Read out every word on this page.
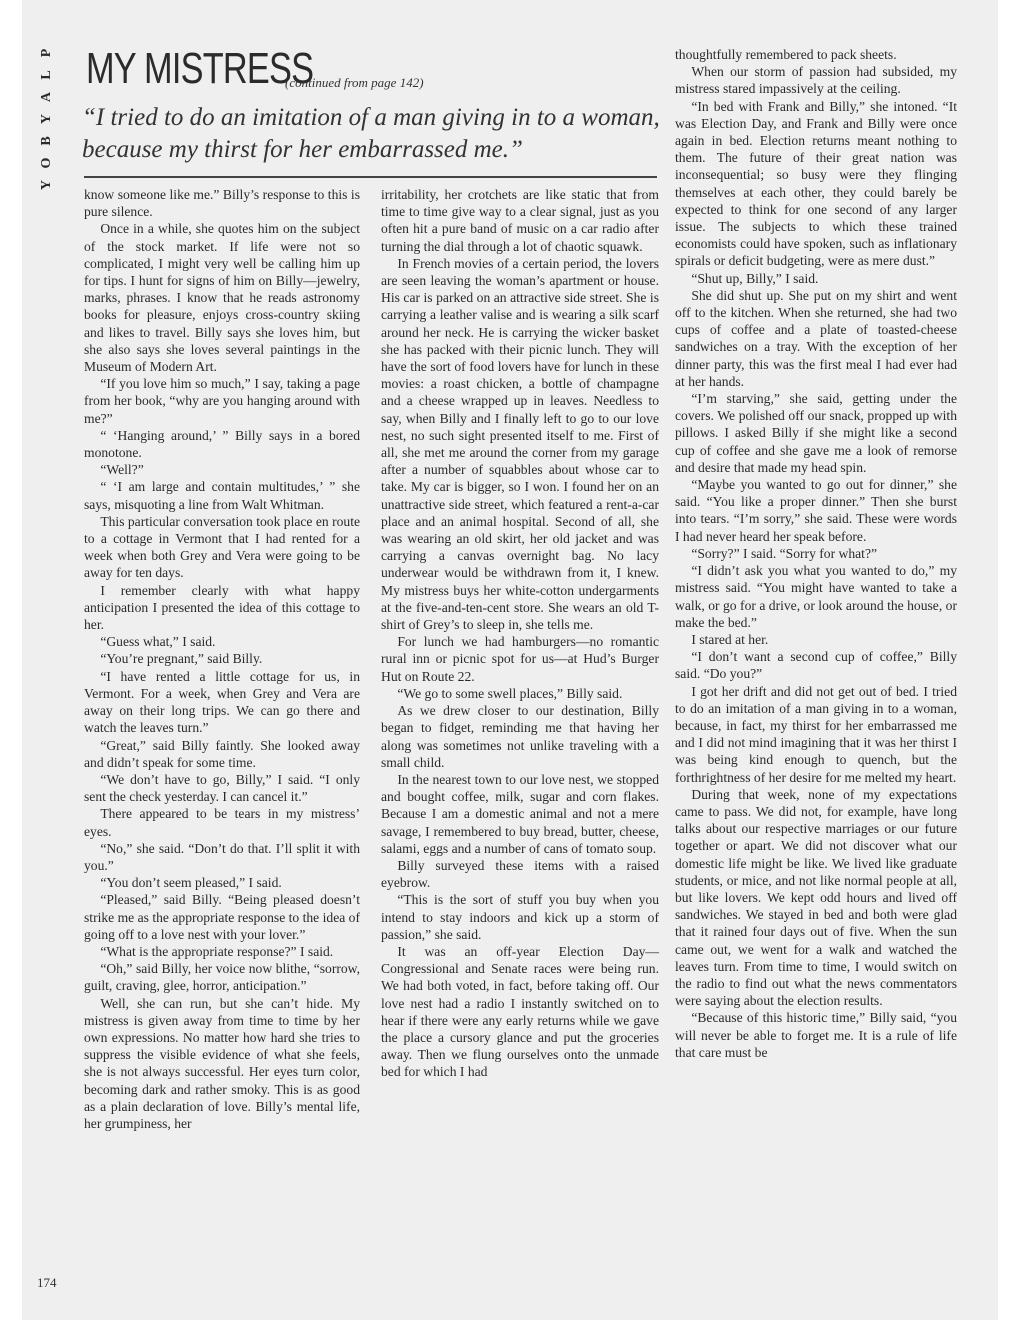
P
L
A
Y
B
O
Y
MY MISTRESS
(continued from page 142)
“I tried to do an imitation of a man giving in to a woman, because my thirst for her embarrassed me.”

know someone like me.” Billy’s response to this is pure silence.

Once in a while, she quotes him on the subject of the stock market. If life were not so complicated, I might very well be calling him up for tips. I hunt for signs of him on Billy—jewelry, marks, phrases. I know that he reads astronomy books for pleasure, enjoys cross-country skiing and likes to travel. Billy says she loves him, but she also says she loves several paintings in the Museum of Modern Art.

“If you love him so much,” I say, taking a page from her book, “why are you hanging around with me?”

“ ‘Hanging around,’ ” Billy says in a bored monotone.

“Well?”

“ ‘I am large and contain multitudes,’ ” she says, misquoting a line from Walt Whitman.

This particular conversation took place en route to a cottage in Vermont that I had rented for a week when both Grey and Vera were going to be away for ten days.

I remember clearly with what happy anticipation I presented the idea of this cottage to her.

“Guess what,” I said.

“You’re pregnant,” said Billy.

“I have rented a little cottage for us, in Vermont. For a week, when Grey and Vera are away on their long trips. We can go there and watch the leaves turn.”

“Great,” said Billy faintly. She looked away and didn’t speak for some time.

“We don’t have to go, Billy,” I said. “I only sent the check yesterday. I can cancel it.”

There appeared to be tears in my mistress’ eyes.

“No,” she said. “Don’t do that. I’ll split it with you.”

“You don’t seem pleased,” I said.

“Pleased,” said Billy. “Being pleased doesn’t strike me as the appropriate response to the idea of going off to a love nest with your lover.”

“What is the appropriate response?” I said.

“Oh,” said Billy, her voice now blithe, “sorrow, guilt, craving, glee, horror, anticipation.”

Well, she can run, but she can’t hide. My mistress is given away from time to time by her own expressions. No matter how hard she tries to suppress the visible evidence of what she feels, she is not always successful. Her eyes turn color, becoming dark and rather smoky. This is as good as a plain declaration of love. Billy’s mental life, her grumpiness, her

irritability, her crotchets are like static that from time to time give way to a clear signal, just as you often hit a pure band of music on a car radio after turning the dial through a lot of chaotic squawk.

In French movies of a certain period, the lovers are seen leaving the woman’s apartment or house. His car is parked on an attractive side street. She is carrying a leather valise and is wearing a silk scarf around her neck. He is carrying the wicker basket she has packed with their picnic lunch. They will have the sort of food lovers have for lunch in these movies: a roast chicken, a bottle of champagne and a cheese wrapped up in leaves. Needless to say, when Billy and I finally left to go to our love nest, no such sight presented itself to me. First of all, she met me around the corner from my garage after a number of squabbles about whose car to take. My car is bigger, so I won. I found her on an unattractive side street, which featured a rent-a-car place and an animal hospital. Second of all, she was wearing an old skirt, her old jacket and was carrying a canvas overnight bag. No lacy underwear would be withdrawn from it, I knew. My mistress buys her white-cotton undergarments at the five-and-ten-cent store. She wears an old T-shirt of Grey’s to sleep in, she tells me.

For lunch we had hamburgers—no romantic rural inn or picnic spot for us—at Hud’s Burger Hut on Route 22.

“We go to some swell places,” Billy said.

As we drew closer to our destination, Billy began to fidget, reminding me that having her along was sometimes not unlike traveling with a small child.

In the nearest town to our love nest, we stopped and bought coffee, milk, sugar and corn flakes. Because I am a domestic animal and not a mere savage, I remembered to buy bread, butter, cheese, salami, eggs and a number of cans of tomato soup.

Billy surveyed these items with a raised eyebrow.

“This is the sort of stuff you buy when you intend to stay indoors and kick up a storm of passion,” she said.

It was an off-year Election Day—Congressional and Senate races were being run. We had both voted, in fact, before taking off. Our love nest had a radio I instantly switched on to hear if there were any early returns while we gave the place a cursory glance and put the groceries away. Then we flung ourselves onto the unmade bed for which I had

thoughtfully remembered to pack sheets.

When our storm of passion had subsided, my mistress stared impassively at the ceiling.

“In bed with Frank and Billy,” she intoned. “It was Election Day, and Frank and Billy were once again in bed. Election returns meant nothing to them. The future of their great nation was inconsequential; so busy were they flinging themselves at each other, they could barely be expected to think for one second of any larger issue. The subjects to which these trained economists could have spoken, such as inflationary spirals or deficit budgeting, were as mere dust.”

“Shut up, Billy,” I said.

She did shut up. She put on my shirt and went off to the kitchen. When she returned, she had two cups of coffee and a plate of toasted-cheese sandwiches on a tray. With the exception of her dinner party, this was the first meal I had ever had at her hands.

“I’m starving,” she said, getting under the covers. We polished off our snack, propped up with pillows. I asked Billy if she might like a second cup of coffee and she gave me a look of remorse and desire that made my head spin.

“Maybe you wanted to go out for dinner,” she said. “You like a proper dinner.” Then she burst into tears. “I’m sorry,” she said. These were words I had never heard her speak before.

“Sorry?” I said. “Sorry for what?”

“I didn’t ask you what you wanted to do,” my mistress said. “You might have wanted to take a walk, or go for a drive, or look around the house, or make the bed.”

I stared at her.

“I don’t want a second cup of coffee,” Billy said. “Do you?”

I got her drift and did not get out of bed. I tried to do an imitation of a man giving in to a woman, because, in fact, my thirst for her embarrassed me and I did not mind imagining that it was her thirst I was being kind enough to quench, but the forthrightness of her desire for me melted my heart.

During that week, none of my expectations came to pass. We did not, for example, have long talks about our respective marriages or our future together or apart. We did not discover what our domestic life might be like. We lived like graduate students, or mice, and not like normal people at all, but like lovers. We kept odd hours and lived off sandwiches. We stayed in bed and both were glad that it rained four days out of five. When the sun came out, we went for a walk and watched the leaves turn. From time to time, I would switch on the radio to find out what the news commentators were saying about the election results.

“Because of this historic time,” Billy said, “you will never be able to forget me. It is a rule of life that care must be

174
